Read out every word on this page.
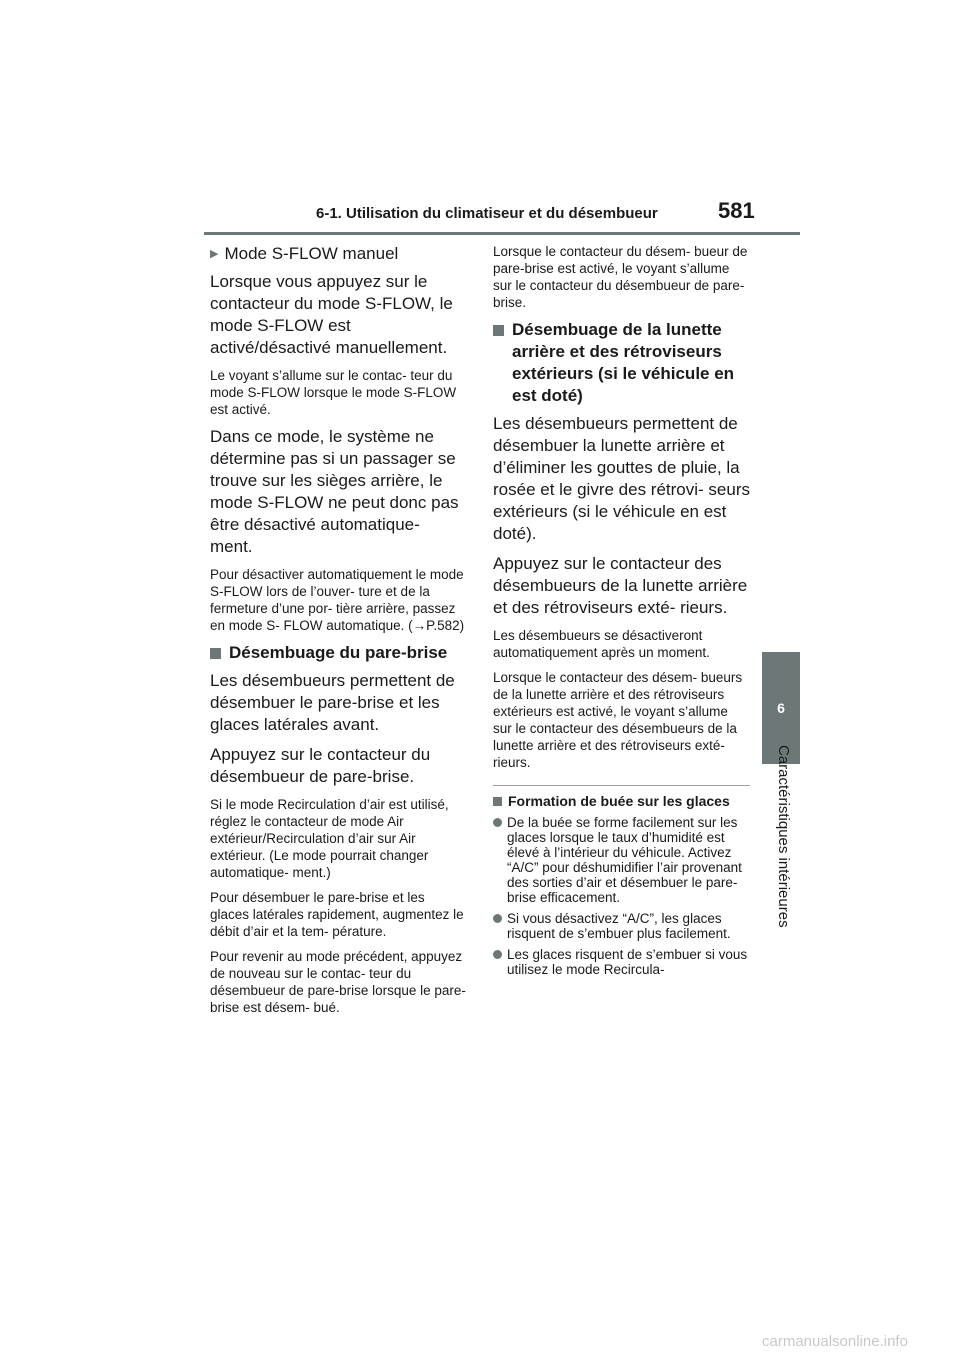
6-1. Utilisation du climatiseur et du désembueur	581
6
Caractéristiques intérieures
▶ Mode S-FLOW manuel

Lorsque vous appuyez sur le contacteur du mode S-FLOW, le mode S-FLOW est activé/désactivé manuellement.

Le voyant s’allume sur le contac- teur du mode S-FLOW lorsque le mode S-FLOW est activé.

Dans ce mode, le système ne détermine pas si un passager se trouve sur les sièges arrière, le mode S-FLOW ne peut donc pas être désactivé automatique- ment.

Pour désactiver automatiquement le mode S-FLOW lors de l’ouver- ture et de la fermeture d’une por- tière arrière, passez en mode S- FLOW automatique. (→P.582)

Désembuage du pare-brise

Les désembueurs permettent de désembuer le pare-brise et les glaces latérales avant.

Appuyez sur le contacteur du désembueur de pare-brise.

Si le mode Recirculation d’air est utilisé, réglez le contacteur de mode Air extérieur/Recirculation d’air sur Air extérieur. (Le mode pourrait changer automatique- ment.)

Pour désembuer le pare-brise et les glaces latérales rapidement, augmentez le débit d’air et la tem- pérature.

Pour revenir au mode précédent, appuyez de nouveau sur le contac- teur du désembueur de pare-brise lorsque le pare-brise est désem- bué.

Lorsque le contacteur du désem- bueur de pare-brise est activé, le voyant s’allume sur le contacteur du désembueur de pare-brise.

Désembuage de la lunette arrière et des rétroviseurs extérieurs (si le véhicule en est doté)

Les désembueurs permettent de désembuer la lunette arrière et d’éliminer les gouttes de pluie, la rosée et le givre des rétrovi- seurs extérieurs (si le véhicule en est doté).

Appuyez sur le contacteur des désembueurs de la lunette arrière et des rétroviseurs exté- rieurs.

Les désembueurs se désactiveront automatiquement après un moment.

Lorsque le contacteur des désem- bueurs de la lunette arrière et des rétroviseurs extérieurs est activé, le voyant s’allume sur le contacteur des désembueurs de la lunette arrière et des rétroviseurs exté- rieurs.

Formation de buée sur les glaces
De la buée se forme facilement sur les glaces lorsque le taux d’humidité est élevé à l’intérieur du véhicule. Activez “A/C” pour déshumidifier l’air provenant des sorties d’air et désembuer le pare- brise efficacement.
Si vous désactivez “A/C”, les glaces risquent de s’embuer plus facilement.
Les glaces risquent de s’embuer si vous utilisez le mode Recircula-
carmanualsonline.info
